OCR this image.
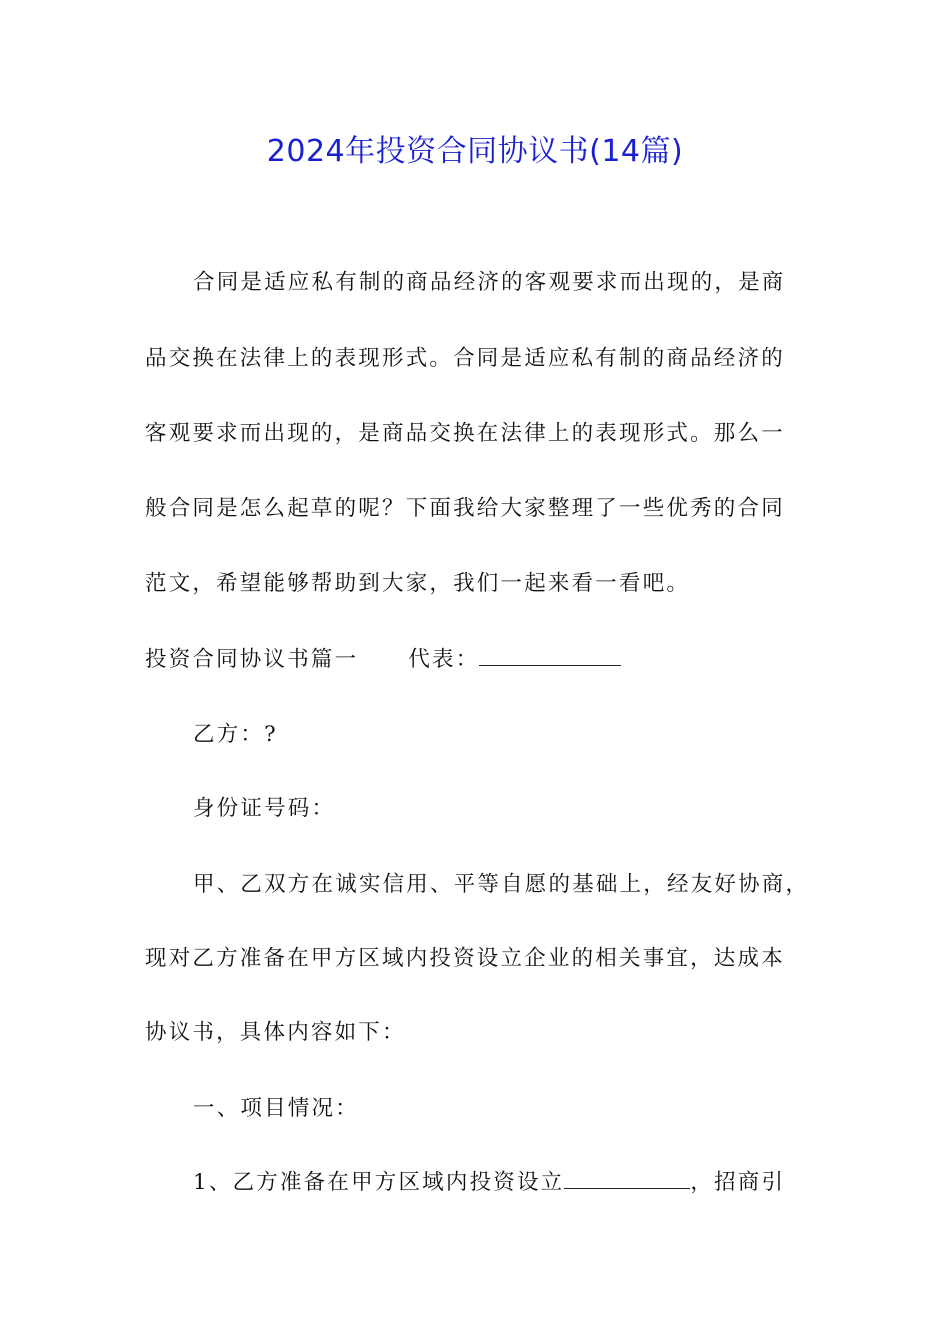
2024年投资合同协议书(14篇)
合同是适应私有制的商品经济的客观要求而出现的，是商
品交换在法律上的表现形式。合同是适应私有制的商品经济的
客观要求而出现的，是商品交换在法律上的表现形式。那么一
般合同是怎么起草的呢？下面我给大家整理了一些优秀的合同
范文，希望能够帮助到大家，我们一起来看一看吧。
投资合同协议书篇一 代表：
乙方：?
身份证号码：
甲、乙双方在诚实信用、平等自愿的基础上，经友好协商，
现对乙方准备在甲方区域内投资设立企业的相关事宜，达成本
协议书，具体内容如下：
一、项目情况：
1、乙方准备在甲方区域内投资设立	，招商引
